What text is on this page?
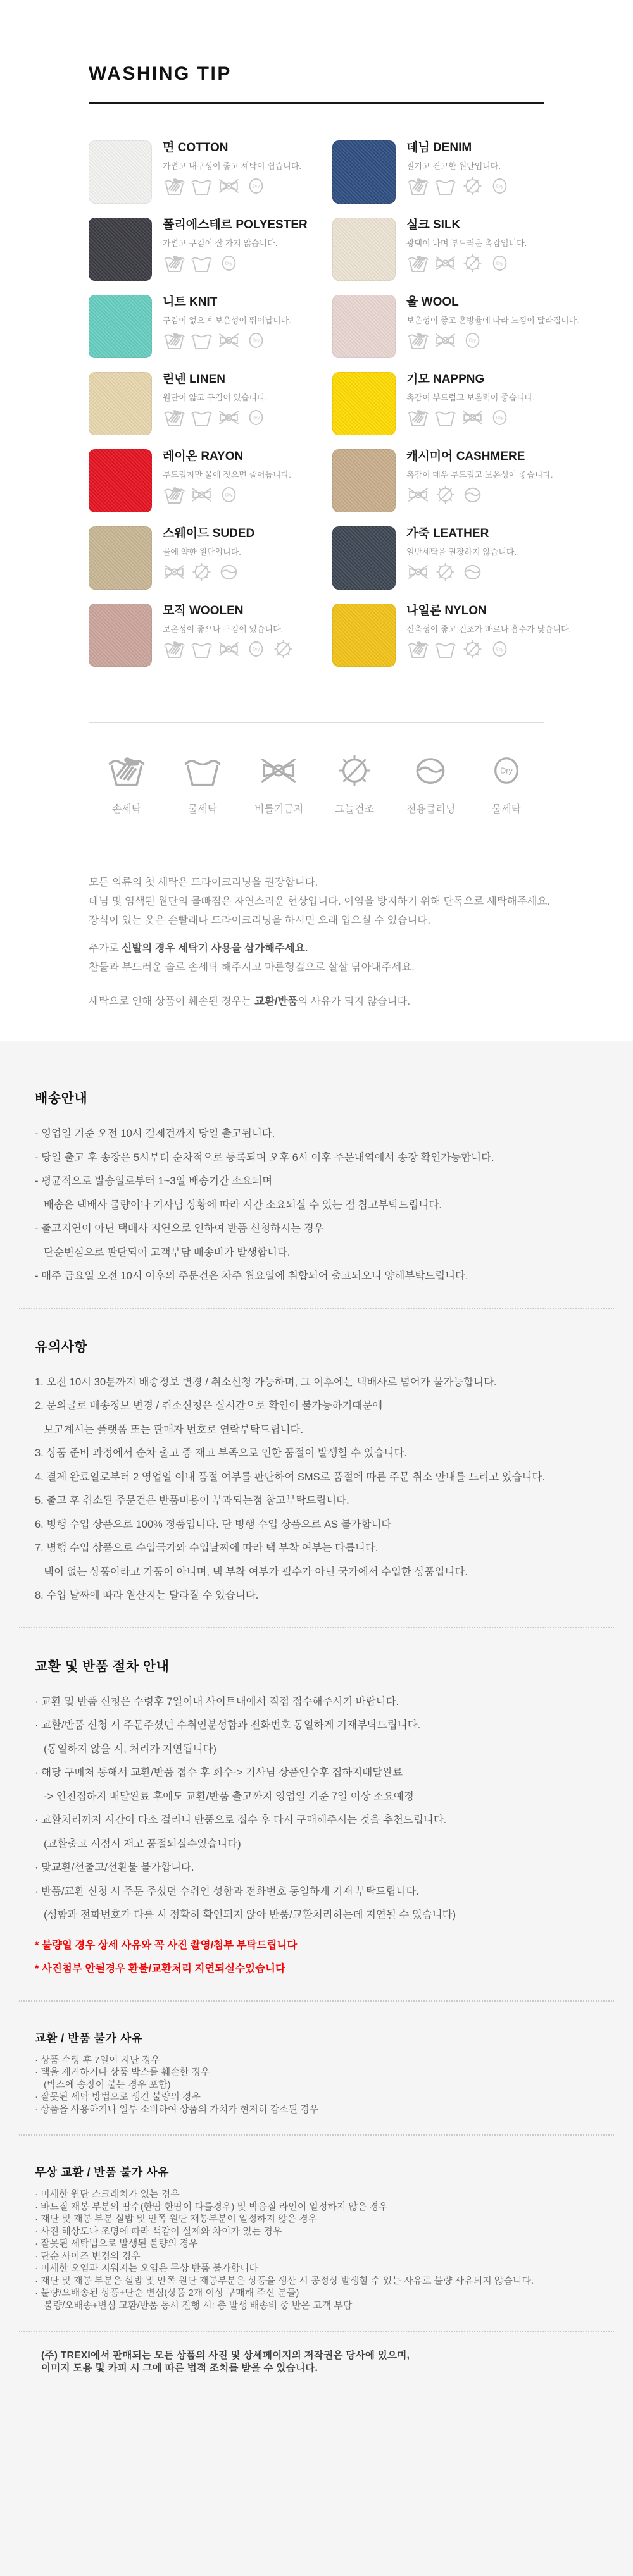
WASHING TIP
면 COTTON
가볍고 내구성이 좋고 세탁이 쉽습니다.
데님 DENIM
질기고 견고한 원단입니다.
폴리에스테르 POLYESTER
가볍고 구김이 잘 가지 않습니다.
실크 SILK
광택이 나며 부드러운 촉감입니다.
니트 KNIT
구김이 없으며 보온성이 뛰어납니다.
울 WOOL
보온성이 좋고 혼방율에 따라 느낌이 달라집니다.
린넨 LINEN
원단이 얇고 구김이 있습니다.
기모 NAPPNG
촉감이 부드럽고 보온력이 좋습니다.
레이온 RAYON
부드럽지만 물에 젖으면 줄어듭니다.
캐시미어 CASHMERE
촉감이 매우 부드럽고 보온성이 좋습니다.
스웨이드 SUDED
물에 약한 원단입니다.
가죽 LEATHER
일반세탁을 권장하지 않습니다.
모직 WOOLEN
보온성이 좋으나 구김이 있습니다.
나일론 NYLON
신축성이 좋고 건조가 빠르나 흡수가 낮습니다.
손세탁	물세탁	비틀기금지	그늘건조	전용클리닝	물세탁
모든 의류의 첫 세탁은 드라이크리닝을 권장합니다.
데님 및 염색된 원단의 물빠짐은 자연스러운 현상입니다. 이염을 방지하기 위해 단독으로 세탁해주세요.
장식이 있는 옷은 손빨래나 드라이크리닝을 하시면 오래 입으실 수 있습니다.
추가로 신발의 경우 세탁기 사용을 삼가해주세요.
찬물과 부드러운 솔로 손세탁 해주시고 마른헝겊으로 살살 닦아내주세요.
세탁으로 인해 상품이 훼손된 경우는 교환/반품의 사유가 되지 않습니다.
배송안내
- 영업일 기준 오전 10시 결제건까지 당일 출고됩니다.
- 당일 출고 후 송장은 5시부터 순차적으로 등록되며 오후 6시 이후 주문내역에서 송장 확인가능합니다.
- 평균적으로 발송일로부터 1~3일 배송기간 소요되며
배송은 택배사 물량이나 기사님 상황에 따라 시간 소요되실 수 있는 점 참고부탁드립니다.
- 출고지연이 아닌 택배사 지연으로 인하여 반품 신청하시는 경우
단순변심으로 판단되어 고객부담 배송비가 발생합니다.
- 매주 금요일 오전 10시 이후의 주문건은 차주 월요일에 취합되어 출고되오니 양해부탁드립니다.
유의사항
1. 오전 10시 30분까지 배송정보 변경 / 취소신청 가능하며, 그 이후에는 택배사로 넘어가 불가능합니다.
2. 문의글로 배송정보 변경 / 취소신청은 실시간으로 확인이 불가능하기때문에
보고계시는 플랫폼 또는 판매자 번호로 연락부탁드립니다.
3. 상품 준비 과정에서 순차 출고 중 재고 부족으로 인한 품절이 발생할 수 있습니다.
4. 결제 완료일로부터 2 영업일 이내 품절 여부를 판단하여 SMS로 품절에 따른 주문 취소 안내를 드리고 있습니다.
5. 출고 후 취소된 주문건은 반품비용이 부과되는점 참고부탁드립니다.
6. 병행 수입 상품으로 100% 정품입니다. 단 병행 수입 상품으로 AS 불가합니다
7. 병행 수입 상품으로 수입국가와 수입날짜에 따라 택 부착 여부는 다릅니다.
택이 없는 상품이라고 가품이 아니며, 택 부착 여부가 필수가 아닌 국가에서 수입한 상품입니다.
8. 수입 날짜에 따라 원산지는 달라질 수 있습니다.
교환 및 반품 절차 안내
· 교환 및 반품 신청은 수령후 7일이내 사이트내에서 직접 접수해주시기 바랍니다.
· 교환/반품 신청 시 주문주셨던 수취인분성함과 전화번호 동일하게 기재부탁드립니다.
(동일하지 않을 시, 처리가 지연됩니다)
· 해당 구매처 통해서 교환/반품 접수 후 회수-> 기사님 상품인수후 집하지배달완료
-> 인천집하지 배달완료 후에도 교환/반품 출고까지 영업일 기준 7일 이상 소요예정
· 교환처리까지 시간이 다소 걸리니 반품으로 접수 후 다시 구매해주시는 것을 추천드립니다.
(교환출고 시점시 재고 품절되실수있습니다)
· 맞교환/선출고/선환불 불가합니다.
· 반품/교환 신청 시 주문 주셨던 수취인 성함과 전화번호 동일하게 기재 부탁드립니다.
(성함과 전화번호가 다를 시 정확히 확인되지 않아 반품/교환처리하는데 지연될 수 있습니다)
* 불량일 경우 상세 사유와 꼭 사진 촬영/첨부 부탁드립니다
* 사진첨부 안될경우 환불/교환처리 지연되실수있습니다
교환 / 반품 불가 사유
· 상품 수령 후 7일이 지난 경우
· 택을 제거하거나 상품 박스를 훼손한 경우
(박스에 송장이 붙는 경우 포함)
· 잘못된 세탁 방법으로 생긴 불량의 경우
· 상품을 사용하거나 일부 소비하여 상품의 가치가 현저히 감소된 경우
무상 교환 / 반품 불가 사유
· 미세한 원단 스크래치가 있는 경우
· 바느질 재봉 부분의 땀수(한땀 한땀이 다를경우) 및 박음질 라인이 일정하지 않은 경우
· 재단 및 재봉 부분 실밥 및 안쪽 원단 재봉부분이 일정하지 않은 경우
· 사진 해상도나 조명에 따라 색감이 실제와 차이가 있는 경우
· 잘못된 세탁법으로 발생된 불량의 경우
· 단순 사이즈 변경의 경우
· 미세한 오염과 지워지는 오염은 무상 반품 불가합니다
· 재단 및 재봉 부분은 실밥 및 안쪽 원단 재봉부분은 상품을 생산 시 공정상 발생할 수 있는 사유로 불량 사유되지 않습니다.
· 불량/오배송된 상품+단순 변심(상품 2개 이상 구매해 주신 분들)
불량/오배송+변심 교환/반품 동시 진행 시: 총 발생 배송비 중 반은 고객 부담
(주) TREXI에서 판매되는 모든 상품의 사진 및 상세페이지의 저작권은 당사에 있으며,
이미지 도용 및 카피 시 그에 따른 법적 조치를 받을 수 있습니다.
